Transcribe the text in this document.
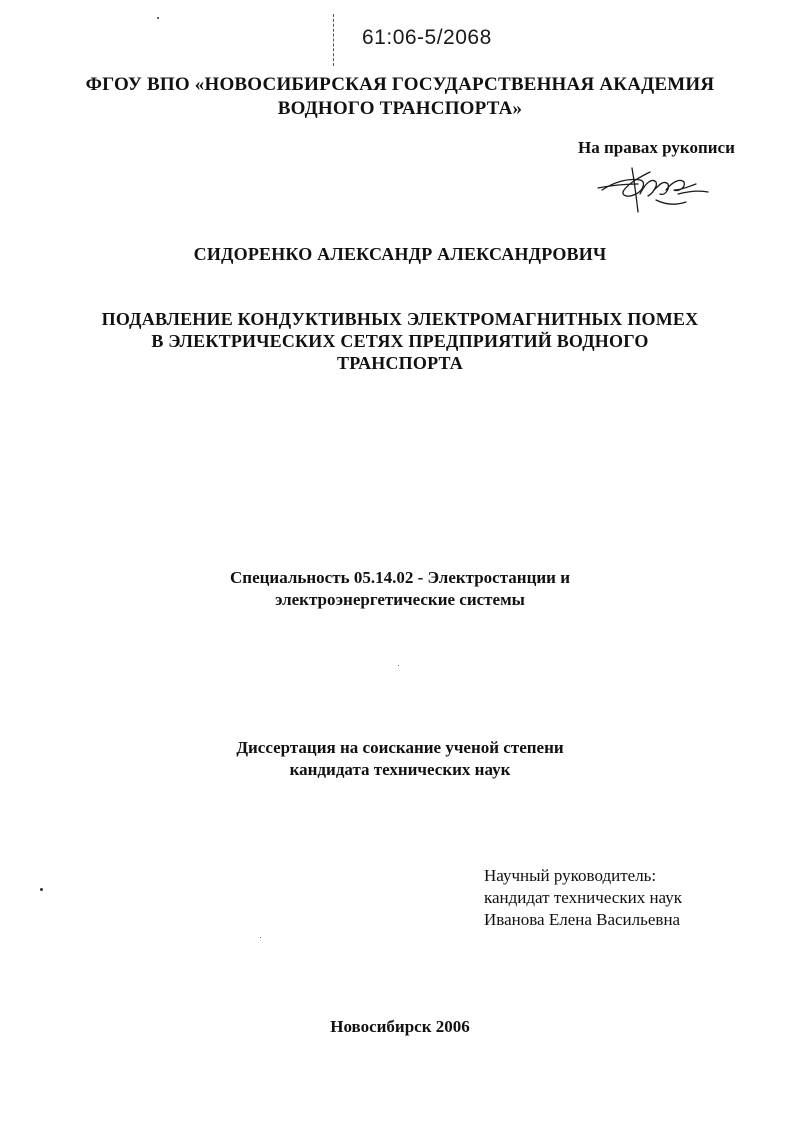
61:06-5/2068
ФГОУ ВПО «НОВОСИБИРСКАЯ ГОСУДАРСТВЕННАЯ АКАДЕМИЯ
ВОДНОГО ТРАНСПОРТА»
На правах рукописи
СИДОРЕНКО АЛЕКСАНДР АЛЕКСАНДРОВИЧ
ПОДАВЛЕНИЕ КОНДУКТИВНЫХ ЭЛЕКТРОМАГНИТНЫХ ПОМЕХ
В ЭЛЕКТРИЧЕСКИХ СЕТЯХ ПРЕДПРИЯТИЙ ВОДНОГО
ТРАНСПОРТА
Специальность 05.14.02 - Электростанции и
электроэнергетические системы
Диссертация на соискание ученой степени
кандидата технических наук
Научный руководитель:
кандидат технических наук
Иванова Елена Васильевна
Новосибирск 2006
